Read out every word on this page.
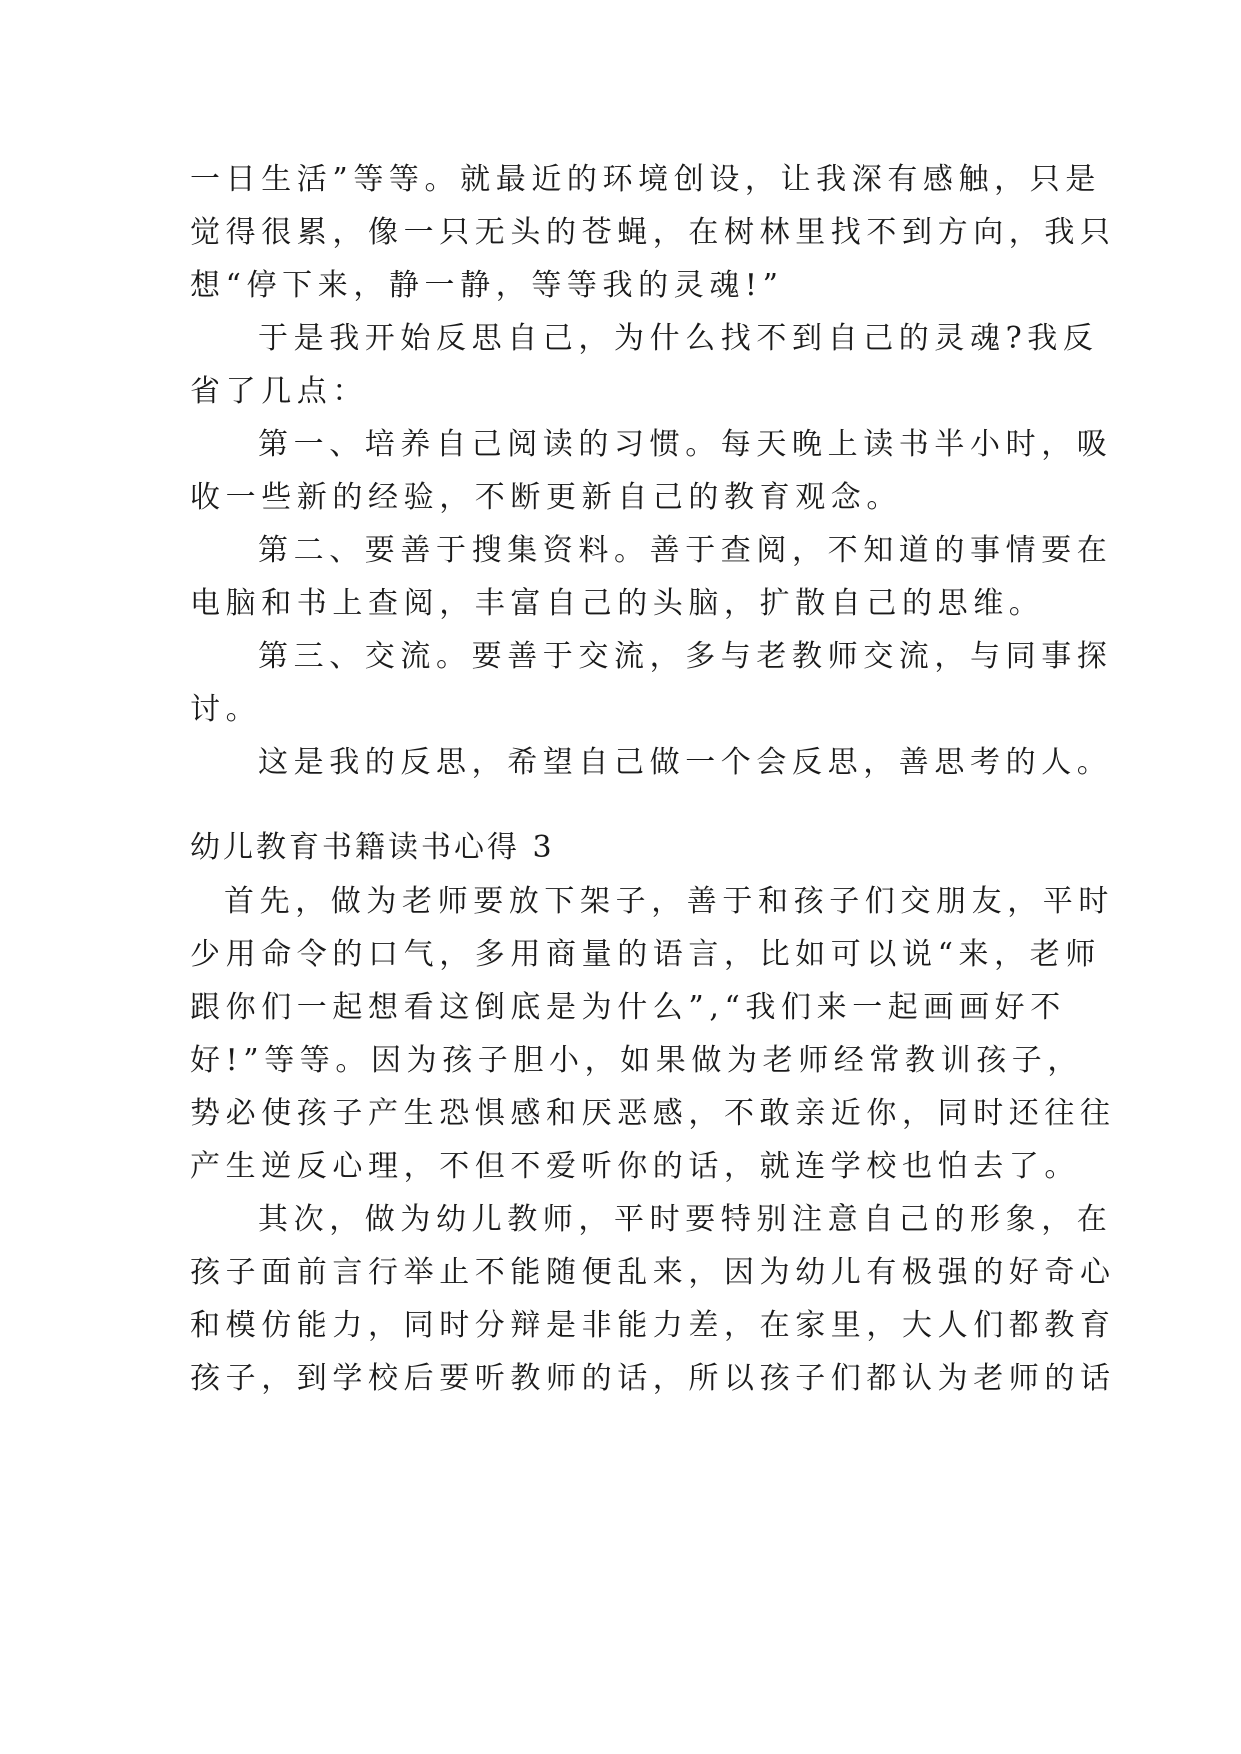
一日生活”等等。就最近的环境创设，让我深有感触，只是
觉得很累，像一只无头的苍蝇，在树林里找不到方向，我只
想“停下来，静一静，等等我的灵魂!”
于是我开始反思自己，为什么找不到自己的灵魂?我反
省了几点：
第一、培养自己阅读的习惯。每天晚上读书半小时，吸
收一些新的经验，不断更新自己的教育观念。
第二、要善于搜集资料。善于查阅，不知道的事情要在
电脑和书上查阅，丰富自己的头脑，扩散自己的思维。
第三、交流。要善于交流，多与老教师交流，与同事探
讨。
这是我的反思，希望自己做一个会反思，善思考的人。
幼儿教育书籍读书心得 3
首先，做为老师要放下架子，善于和孩子们交朋友，平时
少用命令的口气，多用商量的语言，比如可以说“来，老师
跟你们一起想看这倒底是为什么”,“我们来一起画画好不
好!”等等。因为孩子胆小，如果做为老师经常教训孩子，
势必使孩子产生恐惧感和厌恶感，不敢亲近你，同时还往往
产生逆反心理，不但不爱听你的话，就连学校也怕去了。
其次，做为幼儿教师，平时要特别注意自己的形象，在
孩子面前言行举止不能随便乱来，因为幼儿有极强的好奇心
和模仿能力，同时分辩是非能力差，在家里，大人们都教育
孩子，到学校后要听教师的话，所以孩子们都认为老师的话
